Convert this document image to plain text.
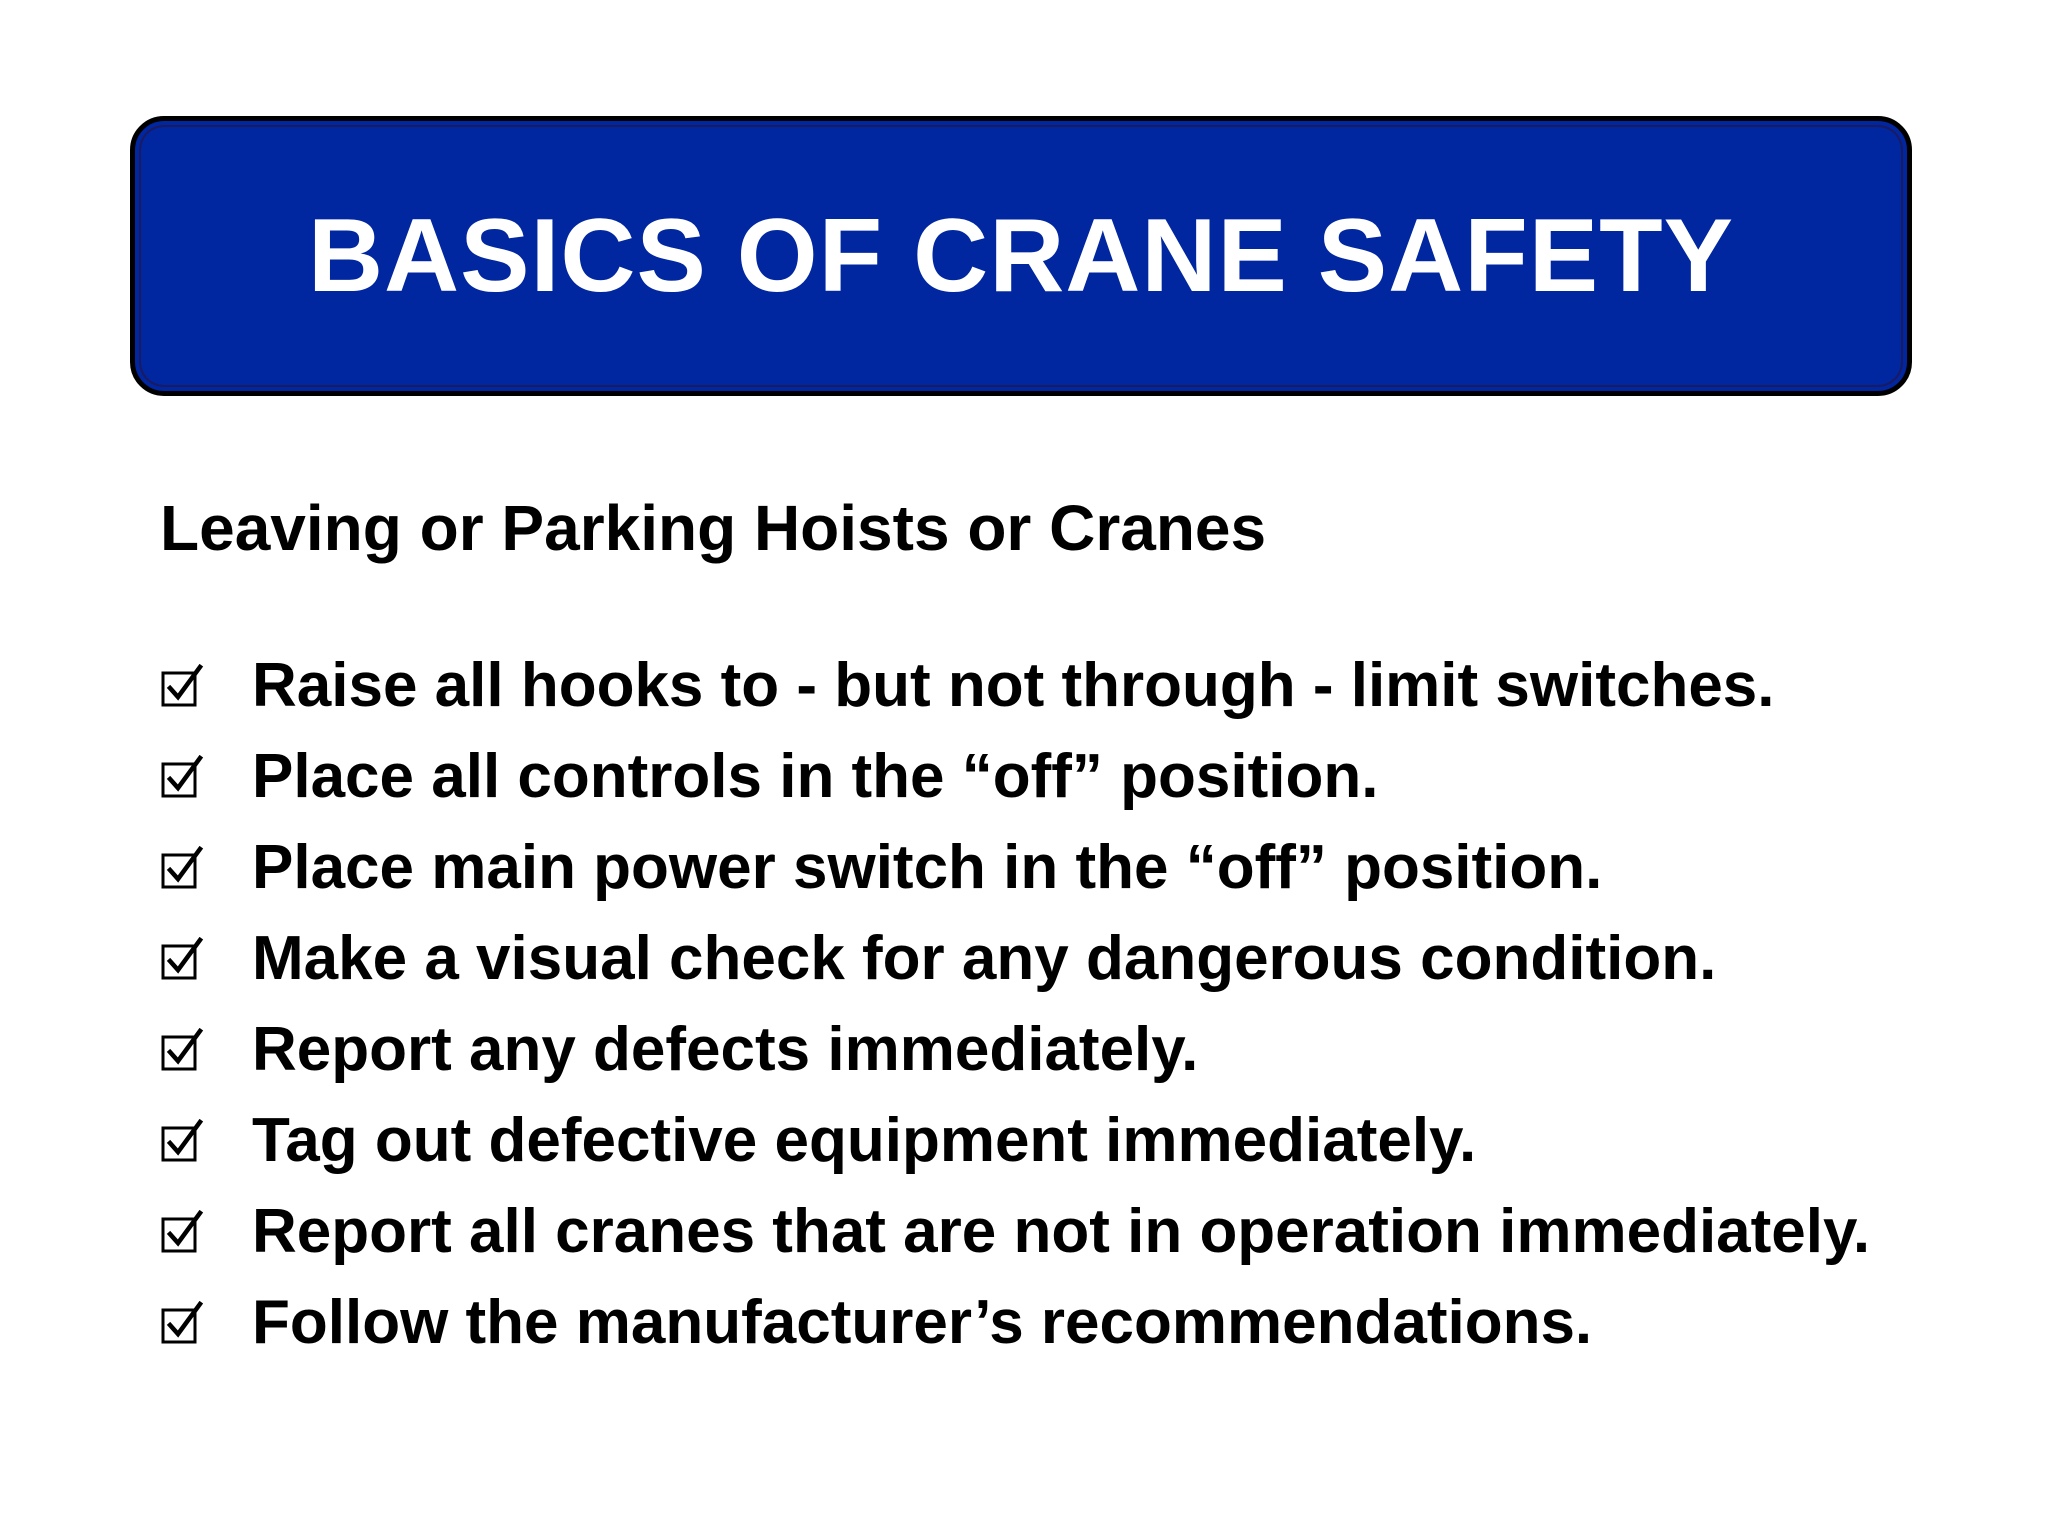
BASICS OF CRANE SAFETY
Leaving or Parking Hoists or Cranes
Raise all hooks to - but not through - limit switches.
Place all controls in the “off” position.
Place main power switch in the “off” position.
Make a visual check for any dangerous condition.
Report any defects immediately.
Tag out defective equipment immediately.
Report all cranes that are not in operation immediately.
Follow the manufacturer’s recommendations.
